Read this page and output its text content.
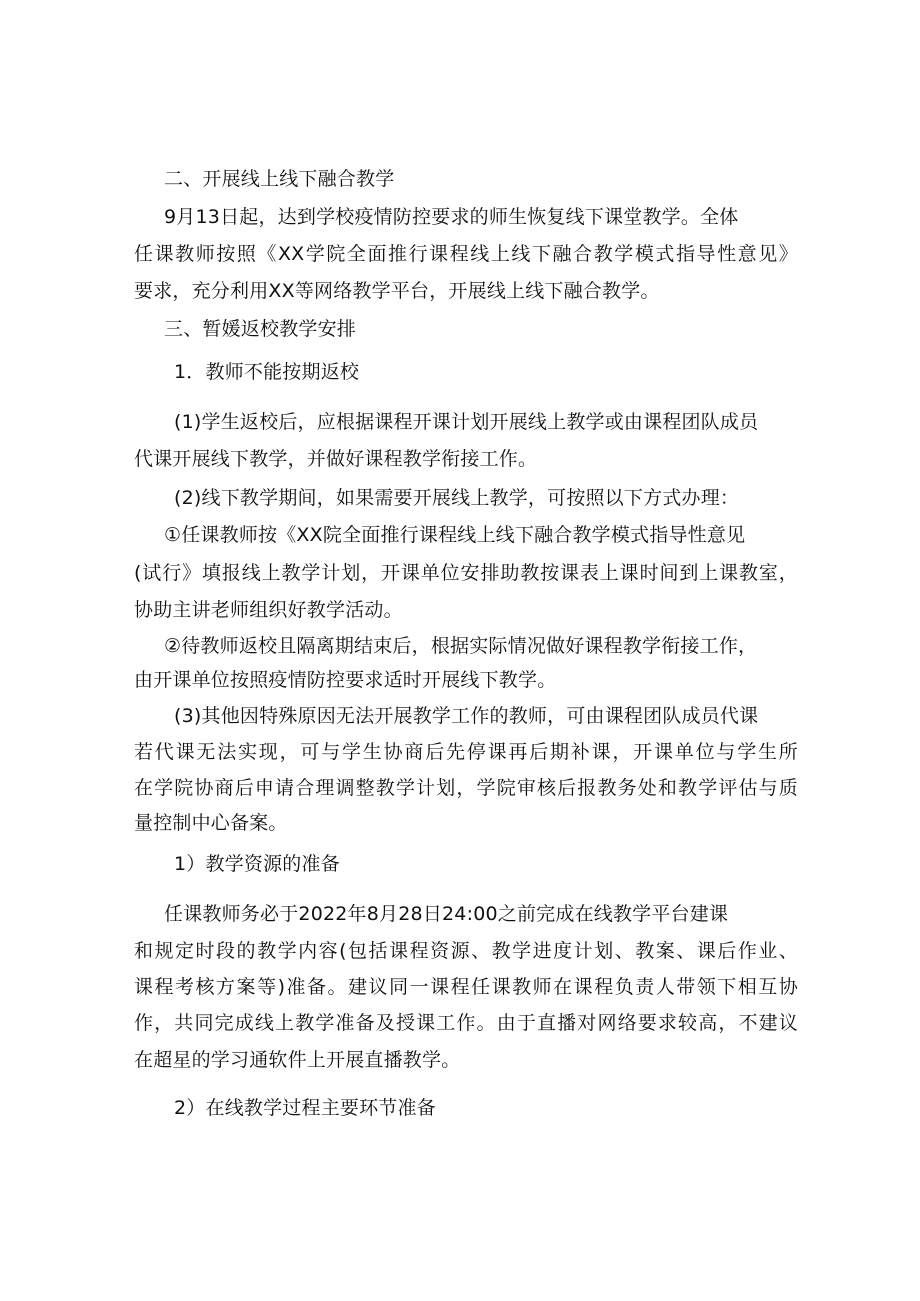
二、开展线上线下融合教学
9月13日起，达到学校疫情防控要求的师生恢复线下课堂教学。全体
任课教师按照《XX学院全面推行课程线上线下融合教学模式指导性意见》
要求，充分利用XX等网络教学平台，开展线上线下融合教学。
三、暂媛返校教学安排
1．教师不能按期返校
(1)学生返校后，应根据课程开课计划开展线上教学或由课程团队成员
代课开展线下教学，并做好课程教学衔接工作。
(2)线下教学期间，如果需要开展线上教学，可按照以下方式办理：
①任课教师按《XX院全面推行课程线上线下融合教学模式指导性意见
(试行》填报线上教学计划，开课单位安排助教按课表上课时间到上课教室，
协助主讲老师组织好教学活动。
②待教师返校且隔离期结束后，根据实际情况做好课程教学衔接工作，
由开课单位按照疫情防控要求适时开展线下教学。
(3)其他因特殊原因无法开展教学工作的教师，可由课程团队成员代课
若代课无法实现，可与学生协商后先停课再后期补课，开课单位与学生所
在学院协商后申请合理调整教学计划，学院审核后报教务处和教学评估与质
量控制中心备案。
1）教学资源的准备
任课教师务必于2022年8月28日24:00之前完成在线教学平台建课
和规定时段的教学内容(包括课程资源、教学进度计划、教案、课后作业、
课程考核方案等)准备。建议同一课程任课教师在课程负责人带领下相互协
作，共同完成线上教学准备及授课工作。由于直播对网络要求较高，不建议
在超星的学习通软件上开展直播教学。
2）在线教学过程主要环节准备
